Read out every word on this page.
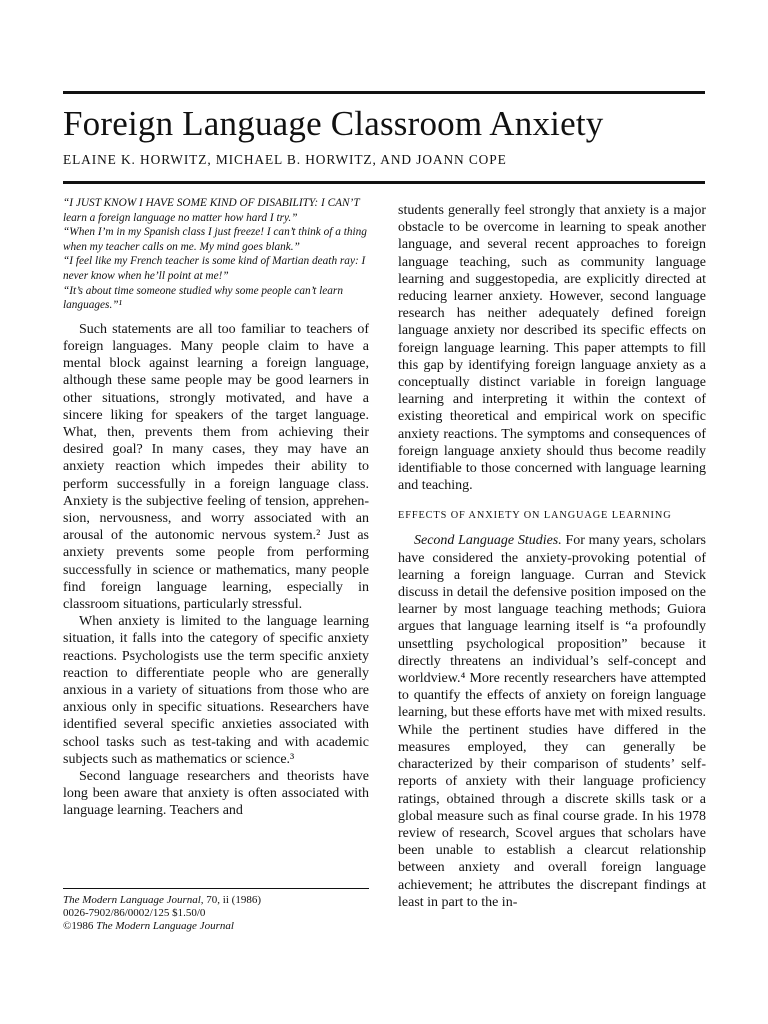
Foreign Language Classroom Anxiety

ELAINE K. HORWITZ, MICHAEL B. HORWITZ, AND JOANN COPE

“I JUST KNOW I HAVE SOME KIND OF DISABILITY: I CAN’T learn a foreign language no matter how hard I try.”

“When I’m in my Spanish class I just freeze! I can’t think of a thing when my teacher calls on me. My mind goes blank.”

“I feel like my French teacher is some kind of Martian death ray: I never know when he’ll point at me!”

“It’s about time someone studied why some people can’t learn languages.”¹

Such statements are all too familiar to teachers of foreign languages. Many people claim to have a mental block against learning a foreign language, although these same people may be good learners in other situations, strongly motivated, and have a sincere liking for speakers of the target language. What, then, prevents them from achieving their desired goal? In many cases, they may have an anxiety reaction which impedes their ability to perform successfully in a foreign language class. Anxiety is the subjective feeling of tension, apprehension, nervousness, and worry associated with an arousal of the autonomic nervous system.² Just as anxiety prevents some people from performing successfully in science or mathematics, many people find foreign language learning, especially in classroom situations, particularly stressful.

When anxiety is limited to the language learning situation, it falls into the category of specific anxiety reactions. Psychologists use the term specific anxiety reaction to differentiate people who are generally anxious in a variety of situations from those who are anxious only in specific situations. Researchers have identified several specific anxieties associated with school tasks such as test-taking and with academic subjects such as mathematics or science.³

Second language researchers and theorists have long been aware that anxiety is often associated with language learning. Teachers and

The Modern Language Journal, 70, ii (1986)
0026-7902/86/0002/125 $1.50/0
©1986 The Modern Language Journal

students generally feel strongly that anxiety is a major obstacle to be overcome in learning to speak another language, and several recent approaches to foreign language teaching, such as community language learning and suggestopedia, are explicitly directed at reducing learner anxiety. However, second language research has neither adequately defined foreign language anxiety nor described its specific effects on foreign language learning. This paper attempts to fill this gap by identifying foreign language anxiety as a conceptually distinct variable in foreign language learning and interpreting it within the context of existing theoretical and empirical work on specific anxiety reactions. The symptoms and consequences of foreign language anxiety should thus become readily identifiable to those concerned with language learning and teaching.

EFFECTS OF ANXIETY ON LANGUAGE LEARNING

Second Language Studies. For many years, scholars have considered the anxiety-provoking potential of learning a foreign language. Curran and Stevick discuss in detail the defensive position imposed on the learner by most language teaching methods; Guiora argues that language learning itself is “a profoundly unsettling psychological proposition” because it directly threatens an individual’s self-concept and worldview.⁴ More recently researchers have attempted to quantify the effects of anxiety on foreign language learning, but these efforts have met with mixed results. While the pertinent studies have differed in the measures employed, they can generally be characterized by their comparison of students’ self-reports of anxiety with their language proficiency ratings, obtained through a discrete skills task or a global measure such as final course grade. In his 1978 review of research, Scovel argues that scholars have been unable to establish a clearcut relationship between anxiety and overall foreign language achievement; he attributes the discrepant findings at least in part to the in-
